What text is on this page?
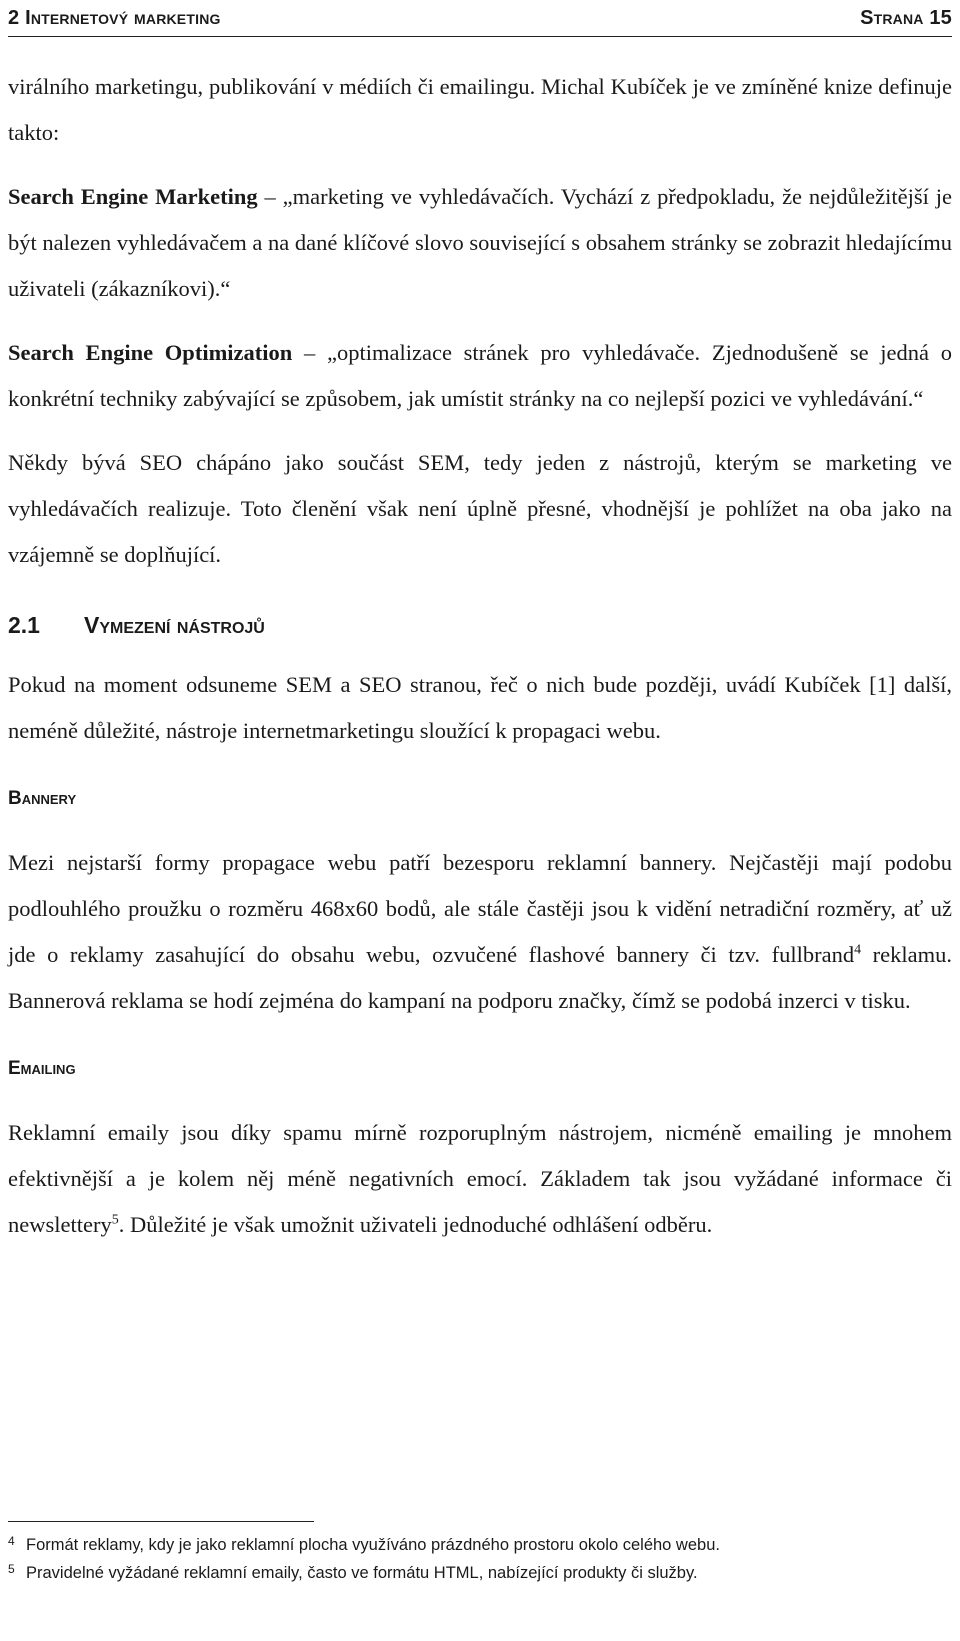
2 Internetový marketing	Strana 15

virálního marketingu, publikování v médiích či emailingu. Michal Kubíček je ve zmíněné knize definuje takto:

Search Engine Marketing – „marketing ve vyhledávačích. Vychází z předpokladu, že nejdůležitější je být nalezen vyhledávačem a na dané klíčové slovo související s obsahem stránky se zobrazit hledajícímu uživateli (zákazníkovi).“

Search Engine Optimization – „optimalizace stránek pro vyhledávače. Zjednodušeně se jedná o konkrétní techniky zabývající se způsobem, jak umístit stránky na co nejlepší pozici ve vyhledávání.“

Někdy bývá SEO chápáno jako součást SEM, tedy jeden z nástrojů, kterým se marketing ve vyhledávačích realizuje. Toto členění však není úplně přesné, vhodnější je pohlížet na oba jako na vzájemně se doplňující.

2.1	Vymezení nástrojů

Pokud na moment odsuneme SEM a SEO stranou, řeč o nich bude později, uvádí Kubíček [1] další, neméně důležité, nástroje internetmarketingu sloužící k propagaci webu.

Bannery

Mezi nejstarší formy propagace webu patří bezesporu reklamní bannery. Nejčastěji mají podobu podlouhlého proužku o rozměru 468x60 bodů, ale stále častěji jsou k vidění netradiční rozměry, ať už jde o reklamy zasahující do obsahu webu, ozvučené flashové bannery či tzv. fullbrand$^4$ reklamu. Bannerová reklama se hodí zejména do kampaní na podporu značky, čímž se podobá inzerci v tisku.

Emailing

Reklamní emaily jsou díky spamu mírně rozporuplným nástrojem, nicméně emailing je mnohem efektivnější a je kolem něj méně negativních emocí. Základem tak jsou vyžádané informace či newslettery$^5$. Důležité je však umožnit uživateli jednoduché odhlášení odběru.

4 Formát reklamy, kdy je jako reklamní plocha využíváno prázdného prostoru okolo celého webu.
5 Pravidelné vyžádané reklamní emaily, často ve formátu HTML, nabízející produkty či služby.
